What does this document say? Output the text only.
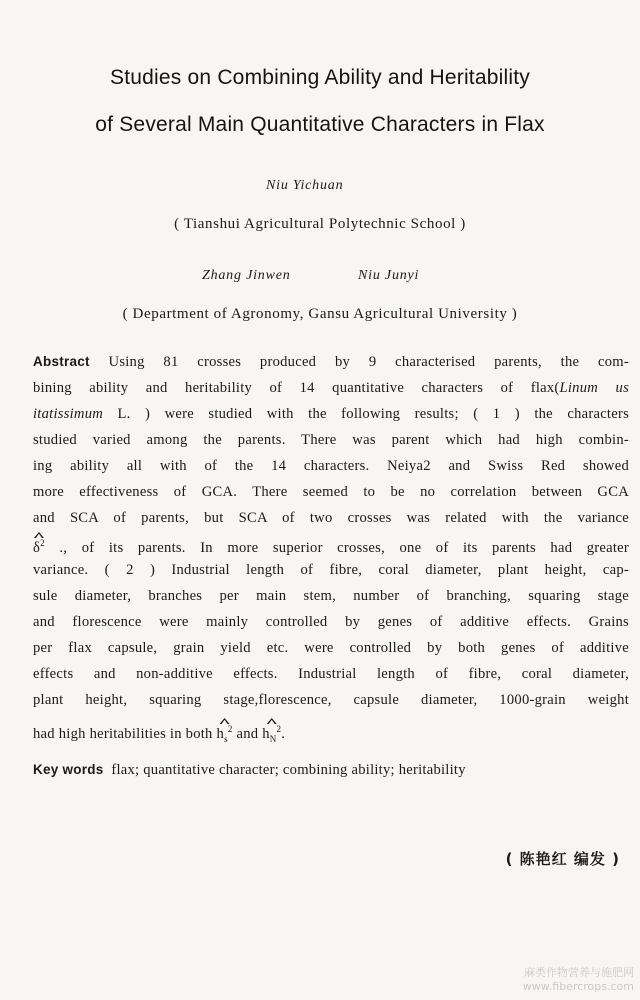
Studies on Combining Ability and Heritability
of Several Main Quantitative Characters in Flax
Niu Yichuan
( Tianshui Agricultural Polytechnic School )
Zhang Jinwen	Niu Junyi
( Department of Agronomy, Gansu Agricultural University )
Abstract Using 81 crosses produced by 9 characterised parents, the com-
bining ability and heritability of 14 quantitative characters of flax(Linum us
itatissimum L. ) were studied with the following results; ( 1 ) the characters
studied varied among the parents. There was parent which had high combin-
ing ability all with of the 14 characters. Neiya2 and Swiss Red showed
more effectiveness of GCA. There seemed to be no correlation between GCA
and SCA of parents, but SCA of two crosses was related with the variance
$\delta^2$ ., of its parents. In more superior crosses, one of its parents had greater
variance. ( 2 ) Industrial length of fibre, coral diameter, plant height, cap-
sule diameter, branches per main stem, number of branching, squaring stage
and florescence were mainly controlled by genes of additive effects. Grains
per flax capsule, grain yield etc. were controlled by both genes of additive
effects and non-additive effects. Industrial length of fibre, coral diameter,
plant height, squaring stage,florescence, capsule diameter, 1000-grain weight
had high heritabilities in both $h_s^2$ and $h_N^2$.
Key words flax; quantitative character; combining ability; heritability
( 陈艳红 编发 )
麻类作物营养与施肥网
www.fibercrops.com
